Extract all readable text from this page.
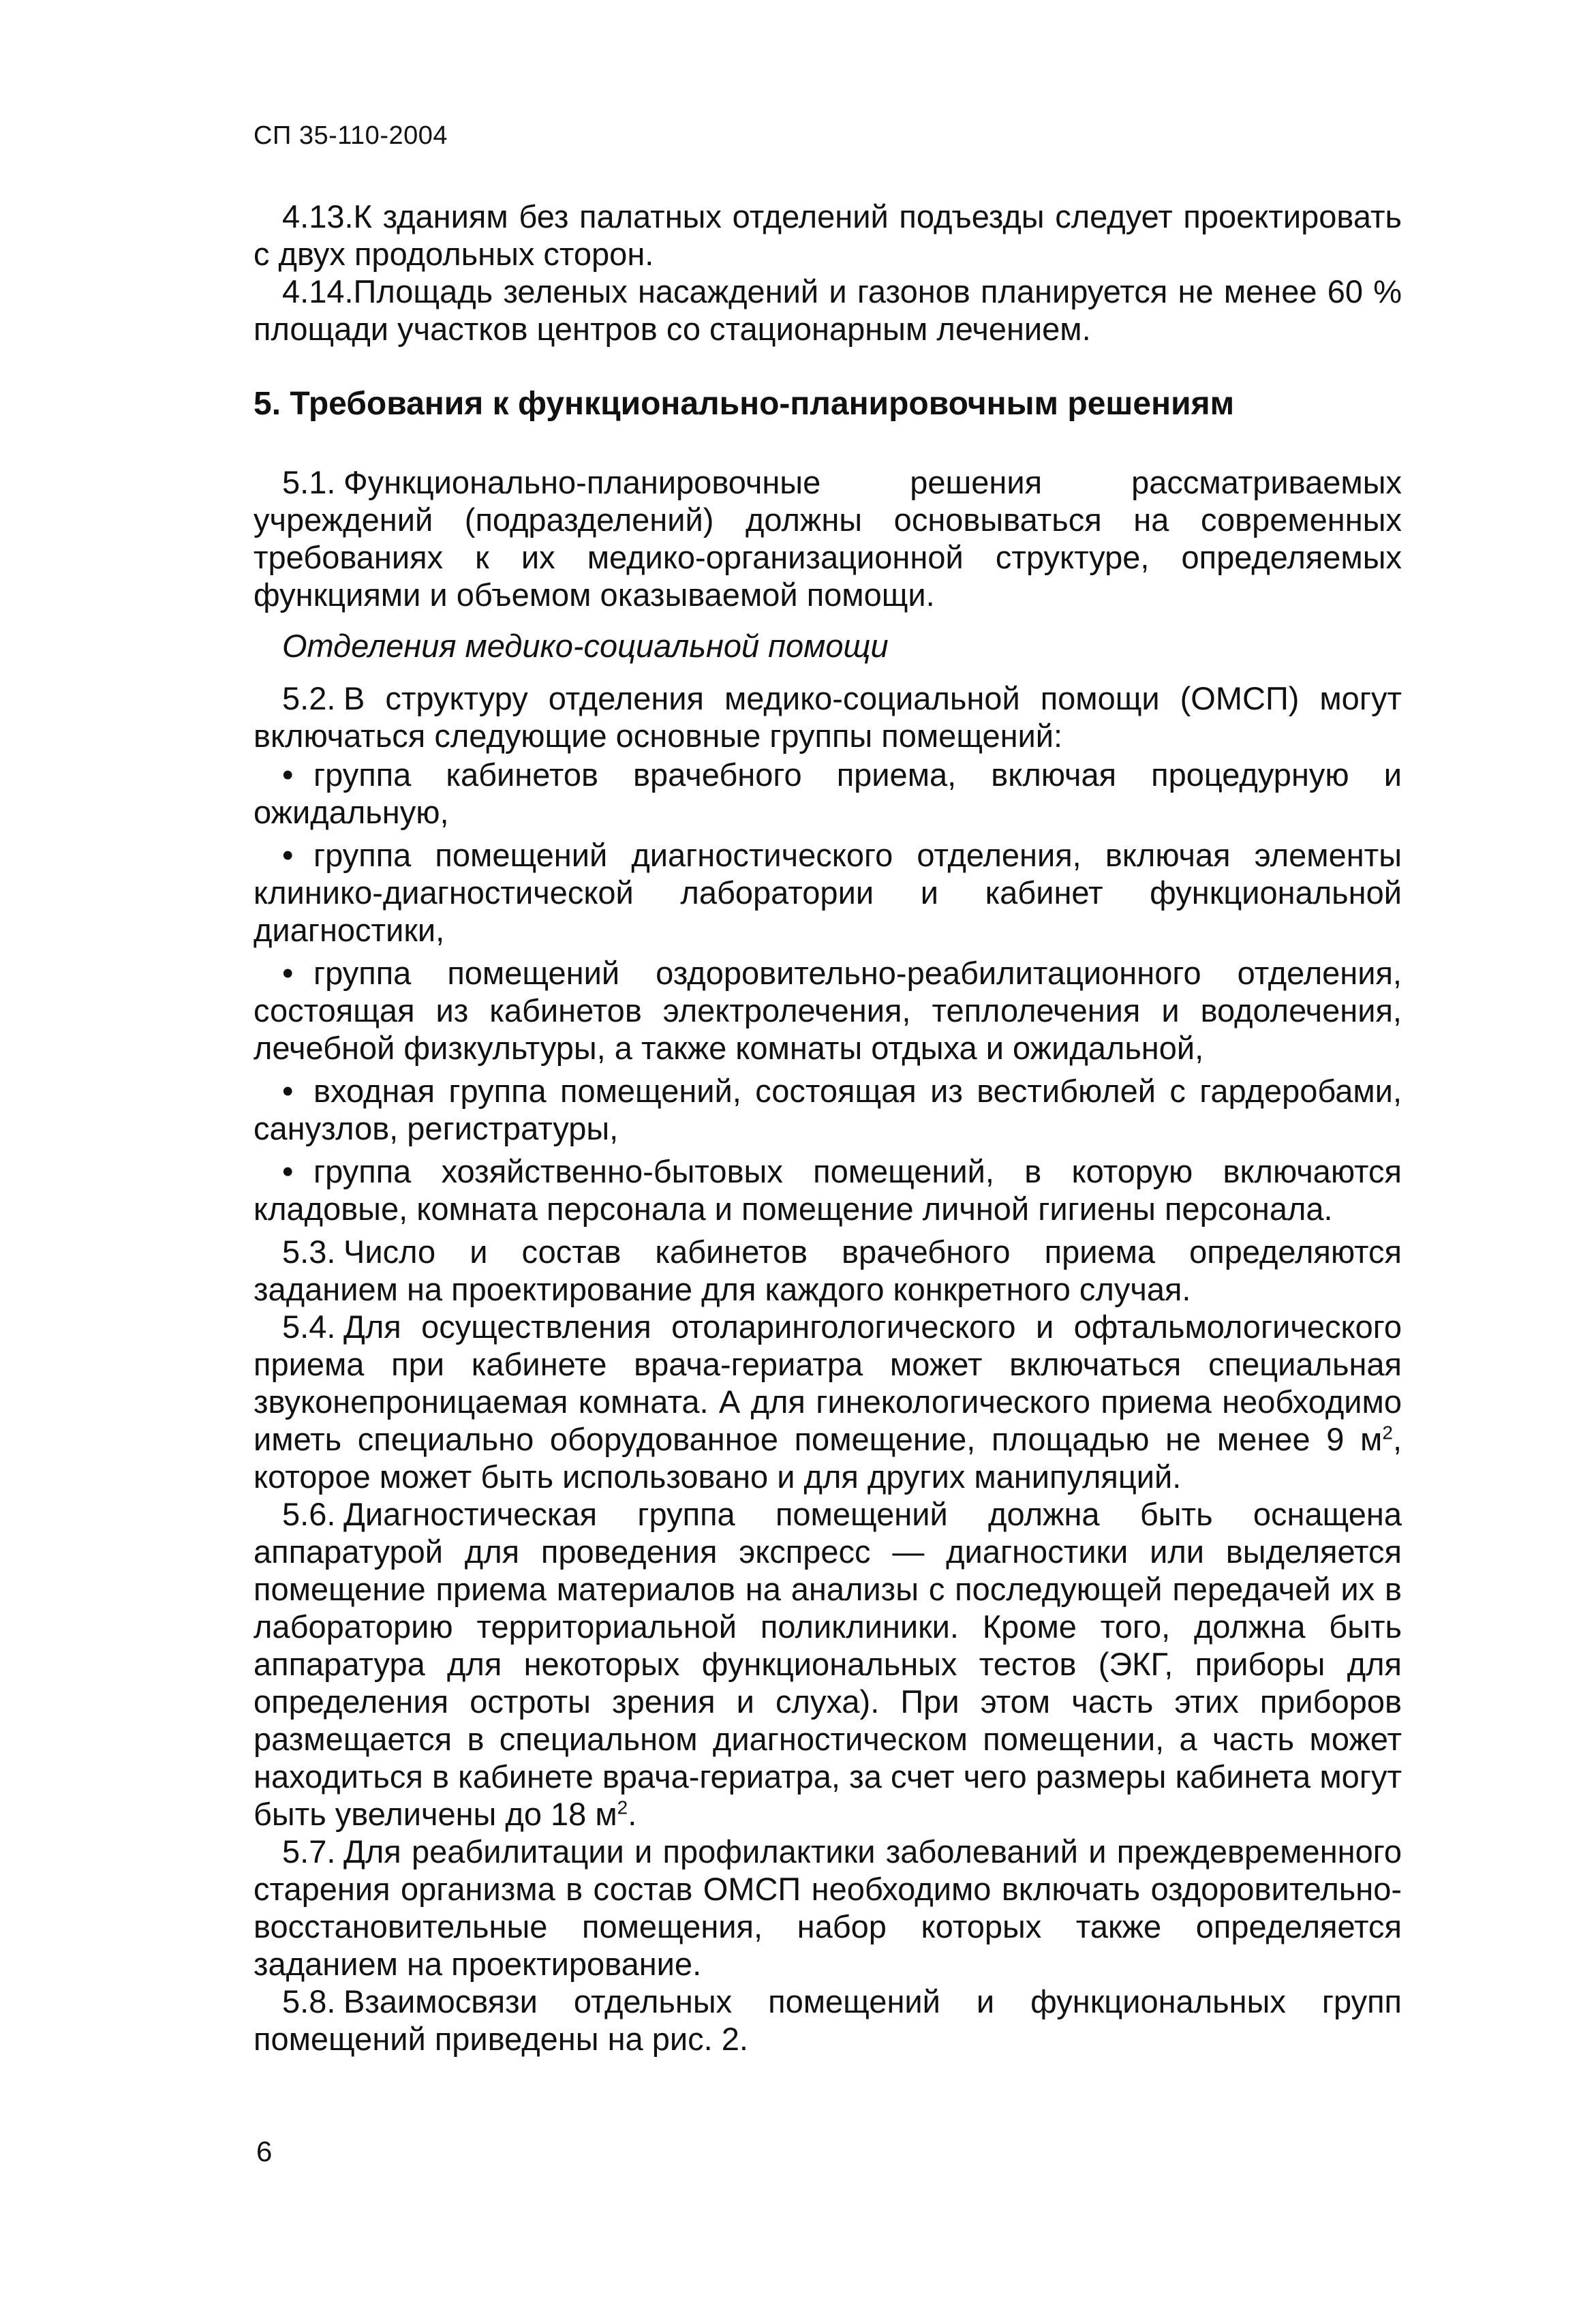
СП 35-110-2004

4.13.К зданиям без палатных отделений подъезды следует проектировать с двух продольных сторон.

4.14.Площадь зеленых насаждений и газонов планируется не менее 60 % площади участков центров со стационарным лечением.

5. Требования к функционально-планировочным решениям

5.1. Функционально-планировочные решения рассматриваемых учреждений (подразделений) должны основываться на современных требованиях к их медико-организационной структуре, определяемых функциями и объемом оказываемой помощи.

Отделения медико-социальной помощи

5.2. В структуру отделения медико-социальной помощи (ОМСП) могут включаться следующие основные группы помещений:

• группа кабинетов врачебного приема, включая процедурную и ожидальную,
• группа помещений диагностического отделения, включая элементы клинико-диагностической лаборатории и кабинет функциональной диагностики,
• группа помещений оздоровительно-реабилитационного отделения, состоящая из кабинетов электролечения, теплолечения и водолечения, лечебной физкультуры, а также комнаты отдыха и ожидальной,
• входная группа помещений, состоящая из вестибюлей с гардеробами, санузлов, регистратуры,
• группа хозяйственно-бытовых помещений, в которую включаются кладовые, комната персонала и помещение личной гигиены персонала.

5.3. Число и состав кабинетов врачебного приема определяются заданием на проектирование для каждого конкретного случая.

5.4. Для осуществления отоларингологического и офтальмологического приема при кабинете врача-гериатра может включаться специальная звуконепроницаемая комната. А для гинекологического приема необходимо иметь специально оборудованное помещение, площадью не менее 9 $м^2$, которое может быть использовано и для других манипуляций.

5.6. Диагностическая группа помещений должна быть оснащена аппаратурой для проведения экспресс — диагностики или выделяется помещение приема материалов на анализы с последующей передачей их в лабораторию территориальной поликлиники. Кроме того, должна быть аппаратура для некоторых функциональных тестов (ЭКГ, приборы для определения остроты зрения и слуха). При этом часть этих приборов размещается в специальном диагностическом помещении, а часть может находиться в кабинете врача-гериатра, за счет чего размеры кабинета могут быть увеличены до 18 $м^2$.

5.7. Для реабилитации и профилактики заболеваний и преждевременного старения организма в состав ОМСП необходимо включать оздоровительно-восстановительные помещения, набор которых также определяется заданием на проектирование.

5.8. Взаимосвязи отдельных помещений и функциональных групп помещений приведены на рис. 2.

6
